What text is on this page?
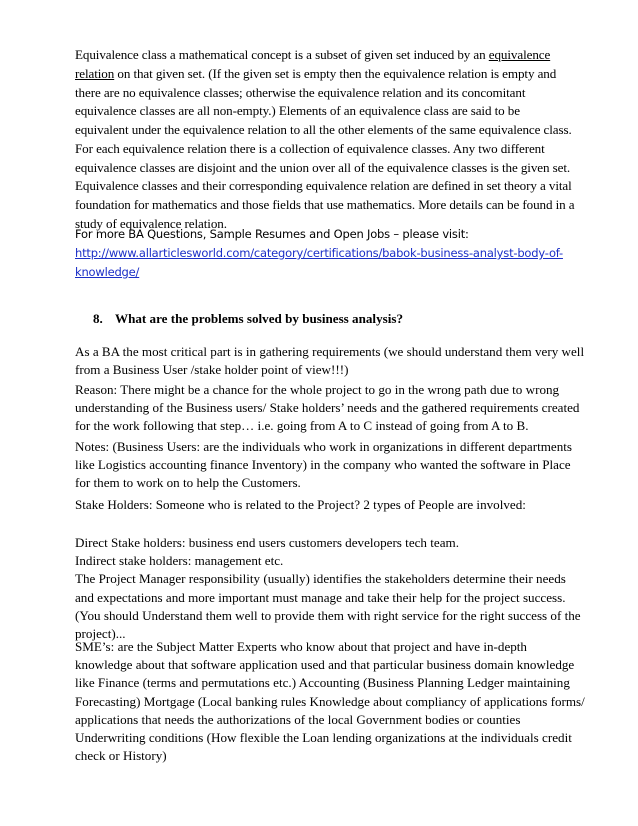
Equivalence class a mathematical concept is a subset of given set induced by an equivalence
relation on that given set. (If the given set is empty then the equivalence relation is empty and
there are no equivalence classes; otherwise the equivalence relation and its concomitant
equivalence classes are all non-empty.) Elements of an equivalence class are said to be
equivalent under the equivalence relation to all the other elements of the same equivalence class.
For each equivalence relation there is a collection of equivalence classes. Any two different
equivalence classes are disjoint and the union over all of the equivalence classes is the given set.
Equivalence classes and their corresponding equivalence relation are defined in set theory a vital
foundation for mathematics and those fields that use mathematics. More details can be found in a
study of equivalence relation.

For more BA Questions, Sample Resumes and Open Jobs – please visit:
http://www.allarticlesworld.com/category/certifications/babok-business-analyst-body-of-
knowledge/

8. What are the problems solved by business analysis?

As a BA the most critical part is in gathering requirements (we should understand them very well
from a Business User /stake holder point of view!!!)

Reason: There might be a chance for the whole project to go in the wrong path due to wrong
understanding of the Business users/ Stake holders’ needs and the gathered requirements created
for the work following that step… i.e. going from A to C instead of going from A to B.

Notes: (Business Users: are the individuals who work in organizations in different departments
like Logistics accounting finance Inventory) in the company who wanted the software in Place
for them to work on to help the Customers.

Stake Holders: Someone who is related to the Project? 2 types of People are involved:

Direct Stake holders: business end users customers developers tech team.
Indirect stake holders: management etc.
The Project Manager responsibility (usually) identifies the stakeholders determine their needs
and expectations and more important must manage and take their help for the project success.
(You should Understand them well to provide them with right service for the right success of the
project)...

SME’s: are the Subject Matter Experts who know about that project and have in-depth
knowledge about that software application used and that particular business domain knowledge
like Finance (terms and permutations etc.) Accounting (Business Planning Ledger maintaining
Forecasting) Mortgage (Local banking rules Knowledge about compliancy of applications forms/
applications that needs the authorizations of the local Government bodies or counties
Underwriting conditions (How flexible the Loan lending organizations at the individuals credit
check or History)
